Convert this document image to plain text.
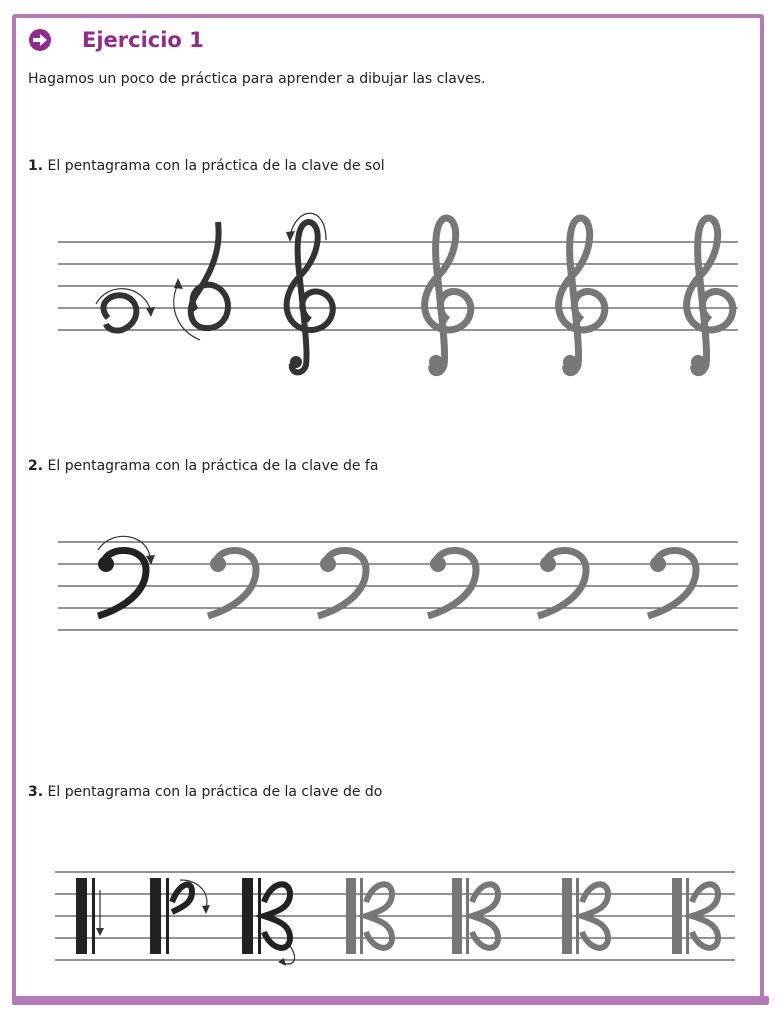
Ejercicio 1
Hagamos un poco de práctica para aprender a dibujar las claves.
1. El pentagrama con la práctica de la clave de sol
2. El pentagrama con la práctica de la clave de fa
3. El pentagrama con la práctica de la clave de do
